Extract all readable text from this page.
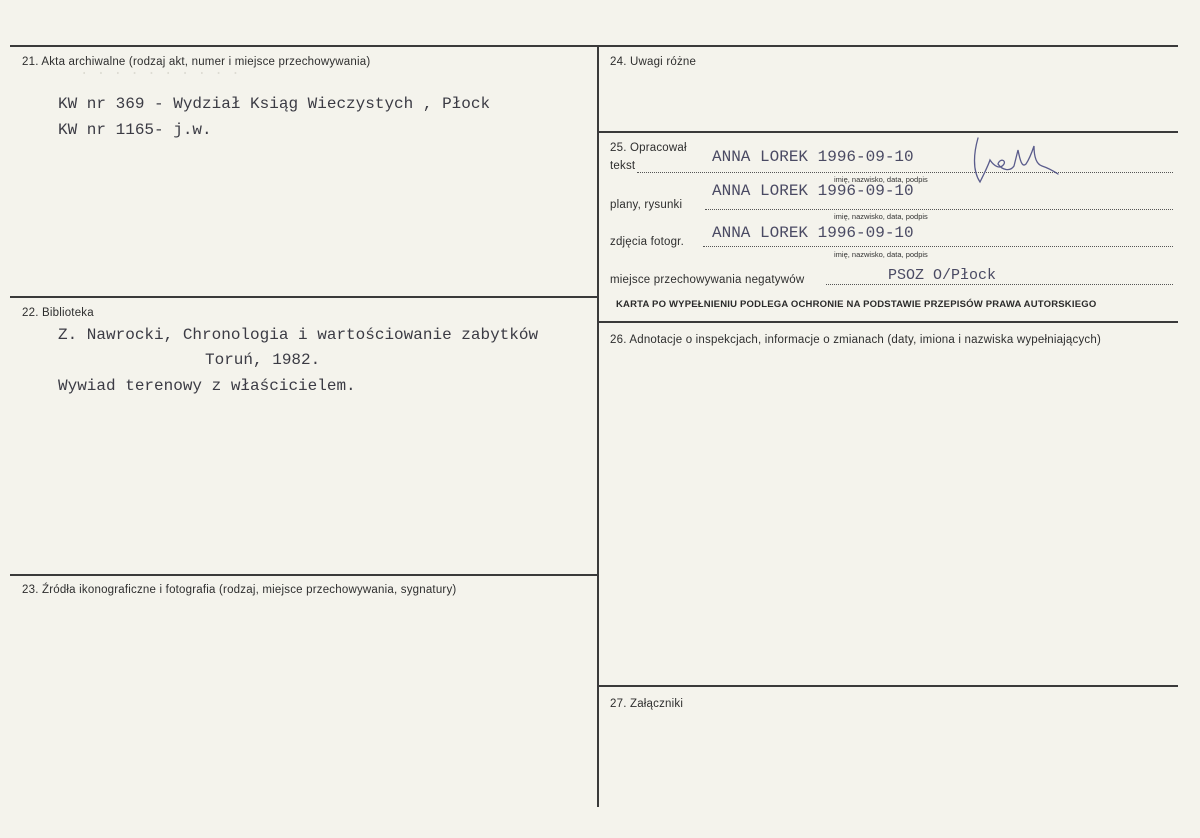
· · · · · · · · · ·
21. Akta archiwalne (rodzaj akt, numer i miejsce przechowywania)
KW nr 369 - Wydział Ksiąg Wieczystych , Płock
KW nr 1165- j.w.
22. Biblioteka
Z. Nawrocki, Chronologia i wartościowanie zabytków
Toruń, 1982.
Wywiad terenowy z właścicielem.
23. Źródła ikonograficzne i fotografia (rodzaj, miejsce przechowywania, sygnatury)
24. Uwagi różne
25. Opracował
tekst	ANNA LOREK 1996-09-10
imię, nazwisko, data, podpis
plany, rysunki
ANNA LOREK 1996-09-10
imię, nazwisko, data, podpis
zdjęcia fotogr. ANNA LOREK 1996-09-10
imię, nazwisko, data, podpis
miejsce przechowywania negatywów	PSOZ O/Płock
KARTA PO WYPEŁNIENIU PODLEGA OCHRONIE NA PODSTAWIE PRZEPISÓW PRAWA AUTORSKIEGO
26. Adnotacje o inspekcjach, informacje o zmianach (daty, imiona i nazwiska wypełniających)
27. Załączniki
